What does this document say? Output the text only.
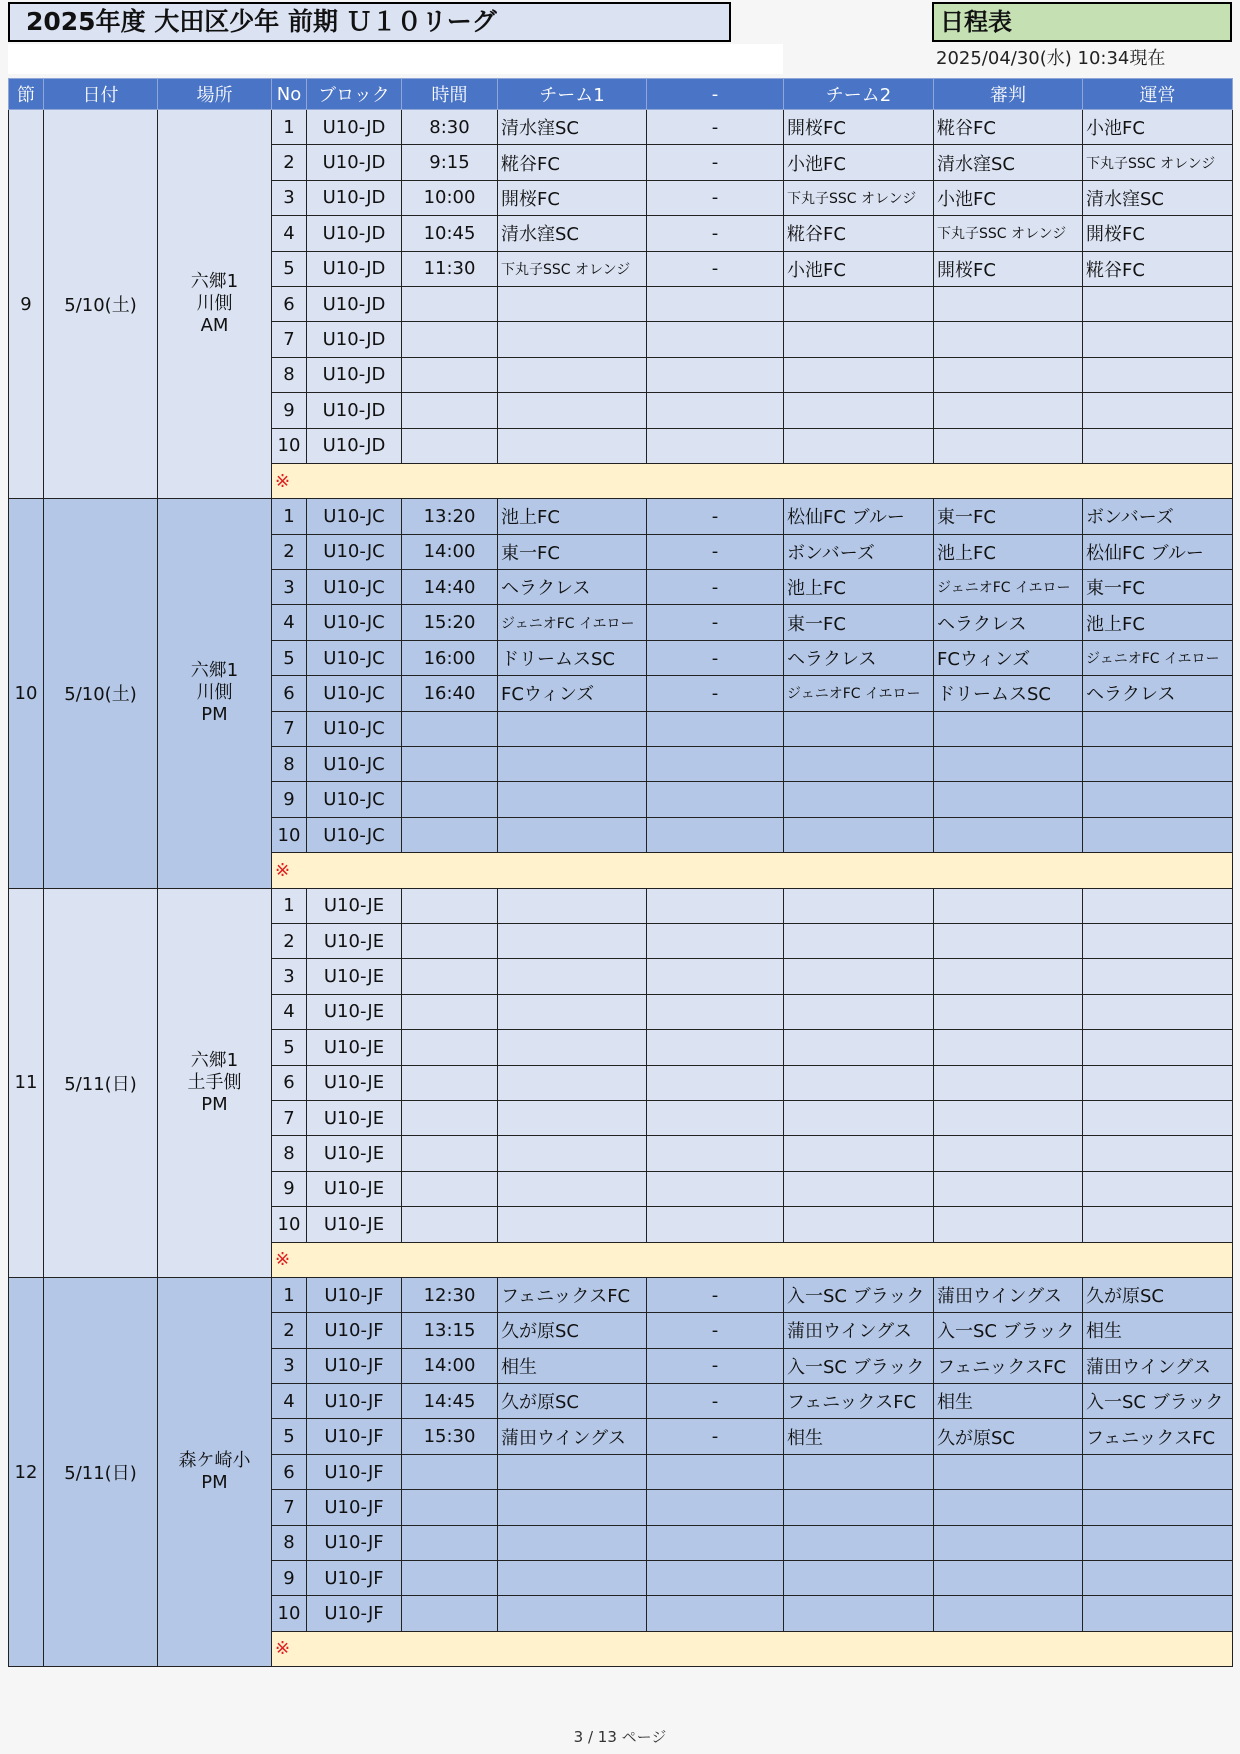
2025年度 大田区少年 前期 Ｕ１０リーグ	日程表
2025/04/30(水) 10:34現在
節	日付	場所	No	ブロック	時間	チーム1	-	チーム2	審判	運営
9	5/10(土)	六郷1
川側
AM	1	U10-JD	8:30	清水窪SC	-	開桜FC	糀谷FC	小池FC
			2	U10-JD	9:15	糀谷FC	-	小池FC	清水窪SC	下丸子SSC オレンジ
			3	U10-JD	10:00	開桜FC	-	下丸子SSC オレンジ	小池FC	清水窪SC
			4	U10-JD	10:45	清水窪SC	-	糀谷FC	下丸子SSC オレンジ	開桜FC
			5	U10-JD	11:30	下丸子SSC オレンジ	-	小池FC	開桜FC	糀谷FC
			6	U10-JD						
			7	U10-JD						
			8	U10-JD						
			9	U10-JD						
			10	U10-JD						
			※							
10	5/10(土)	六郷1
川側
PM	1	U10-JC	13:20	池上FC	-	松仙FC ブルー	東一FC	ボンバーズ
			2	U10-JC	14:00	東一FC	-	ボンバーズ	池上FC	松仙FC ブルー
			3	U10-JC	14:40	ヘラクレス	-	池上FC	ジェニオFC イエロー	東一FC
			4	U10-JC	15:20	ジェニオFC イエロー	-	東一FC	ヘラクレス	池上FC
			5	U10-JC	16:00	ドリームスSC	-	ヘラクレス	FCウィンズ	ジェニオFC イエロー
			6	U10-JC	16:40	FCウィンズ	-	ジェニオFC イエロー	ドリームスSC	ヘラクレス
			7	U10-JC						
			8	U10-JC						
			9	U10-JC						
			10	U10-JC						
			※							
11	5/11(日)	六郷1
土手側
PM	1	U10-JE						
			2	U10-JE						
			3	U10-JE						
			4	U10-JE						
			5	U10-JE						
			6	U10-JE						
			7	U10-JE						
			8	U10-JE						
			9	U10-JE						
			10	U10-JE						
			※							
12	5/11(日)	森ケ崎小
PM	1	U10-JF	12:30	フェニックスFC	-	入一SC ブラック	蒲田ウイングス	久が原SC
			2	U10-JF	13:15	久が原SC	-	蒲田ウイングス	入一SC ブラック	相生
			3	U10-JF	14:00	相生	-	入一SC ブラック	フェニックスFC	蒲田ウイングス
			4	U10-JF	14:45	久が原SC	-	フェニックスFC	相生	入一SC ブラック
			5	U10-JF	15:30	蒲田ウイングス	-	相生	久が原SC	フェニックスFC
			6	U10-JF						
			7	U10-JF						
			8	U10-JF						
			9	U10-JF						
			10	U10-JF						
			※							
3 / 13 ページ
